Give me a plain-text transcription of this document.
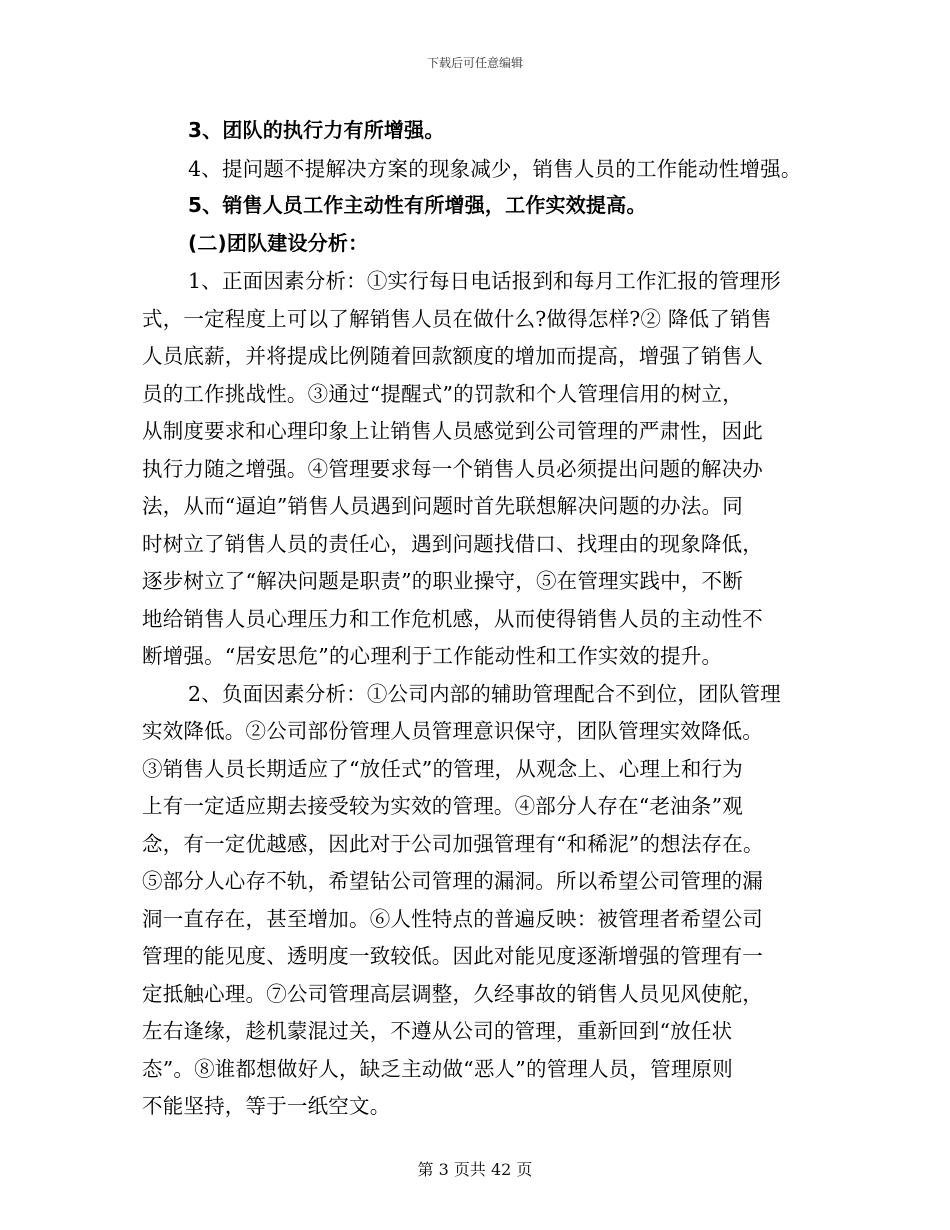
下载后可任意编辑
3、团队的执行力有所增强。
4、提问题不提解决方案的现象减少，销售人员的工作能动性增强。
5、销售人员工作主动性有所增强，工作实效提高。
(二)团队建设分析：
1、正面因素分析：①实行每日电话报到和每月工作汇报的管理形
式，一定程度上可以了解销售人员在做什么?做得怎样?② 降低了销售
人员底薪，并将提成比例随着回款额度的增加而提高，增强了销售人
员的工作挑战性。③通过“提醒式”的罚款和个人管理信用的树立，
从制度要求和心理印象上让销售人员感觉到公司管理的严肃性，因此
执行力随之增强。④管理要求每一个销售人员必须提出问题的解决办
法，从而“逼迫”销售人员遇到问题时首先联想解决问题的办法。同
时树立了销售人员的责任心，遇到问题找借口、找理由的现象降低，
逐步树立了“解决问题是职责”的职业操守，⑤在管理实践中，不断
地给销售人员心理压力和工作危机感，从而使得销售人员的主动性不
断增强。“居安思危”的心理利于工作能动性和工作实效的提升。
2、负面因素分析：①公司内部的辅助管理配合不到位，团队管理
实效降低。②公司部份管理人员管理意识保守，团队管理实效降低。
③销售人员长期适应了“放任式”的管理，从观念上、心理上和行为
上有一定适应期去接受较为实效的管理。④部分人存在“老油条”观
念，有一定优越感，因此对于公司加强管理有“和稀泥”的想法存在。
⑤部分人心存不轨，希望钻公司管理的漏洞。所以希望公司管理的漏
洞一直存在，甚至增加。⑥人性特点的普遍反映：被管理者希望公司
管理的能见度、透明度一致较低。因此对能见度逐渐增强的管理有一
定抵触心理。⑦公司管理高层调整，久经事故的销售人员见风使舵，
左右逢缘，趁机蒙混过关，不遵从公司的管理，重新回到“放任状
态”。⑧谁都想做好人，缺乏主动做“恶人”的管理人员，管理原则
不能坚持，等于一纸空文。
第 3 页共 42 页
